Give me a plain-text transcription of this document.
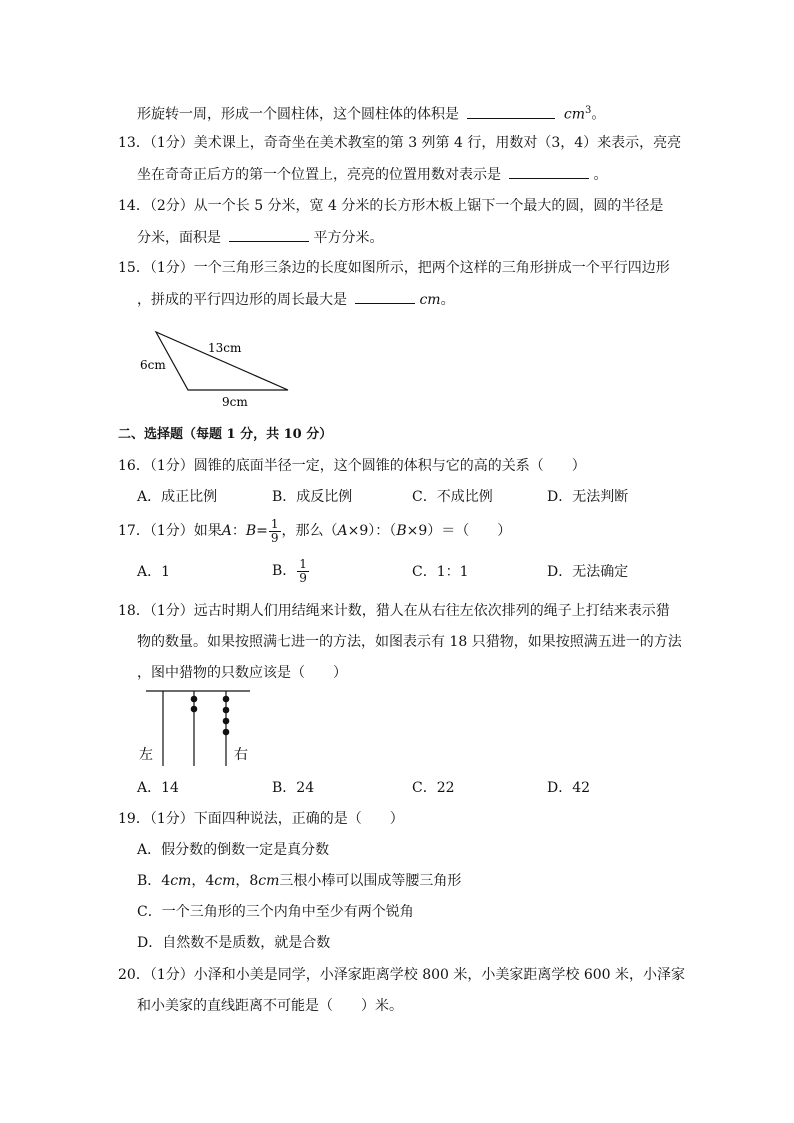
形旋转一周，形成一个圆柱体，这个圆柱体的体积是	$cm^3$。
13．（1分）美术课上，奇奇坐在美术教室的第 3 列第 4 行，用数对（3，4）来表示，亮亮
坐在奇奇正后方的第一个位置上，亮亮的位置用数对表示是	。
14．（2分）从一个长 5 分米，宽 4 分米的长方形木板上锯下一个最大的圆，圆的半径是
分米，面积是	平方分米。
15．（1分）一个三角形三条边的长度如图所示，把两个这样的三角形拼成一个平行四边形
，拼成的平行四边形的周长最大是	cm。
6cm
13cm
9cm
二、选择题（每题 1 分，共 10 分）
16．（1分）圆锥的底面半径一定，这个圆锥的体积与它的高的关系（　　）
A．成正比例	B．成反比例	C．不成比例	D．无法判断
17．（1分）如果A：$B= \frac{1}{9}$ ，那么（A×9）：（B×9）＝（　　）
A．1	B． $\frac{1}{9}$	C．1：1	D．无法确定
18．（1分）远古时期人们用结绳来计数，猎人在从右往左依次排列的绳子上打结来表示猎
物的数量。如果按照满七进一的方法，如图表示有 18 只猎物，如果按照满五进一的方法
，图中猎物的只数应该是（　　）
左	右
A．14	B．24	C．22	D．42
19．（1分）下面四种说法，正确的是（　　）
A．假分数的倒数一定是真分数
B．4cm，4cm，8cm三根小棒可以围成等腰三角形
C．一个三角形的三个内角中至少有两个锐角
D．自然数不是质数，就是合数
20．（1分）小泽和小美是同学，小泽家距离学校 800 米，小美家距离学校 600 米，小泽家
和小美家的直线距离不可能是（　　）米。
